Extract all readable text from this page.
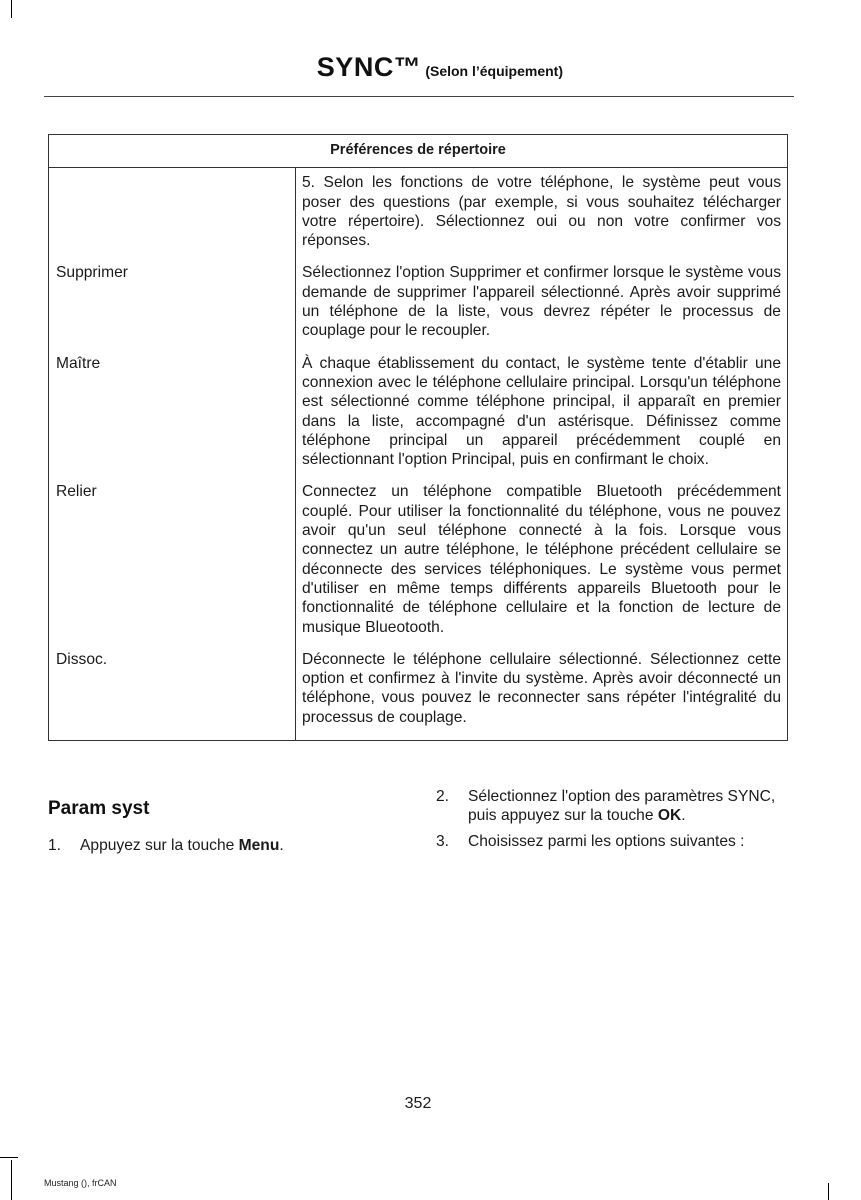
SYNC™ (Selon l’équipement)
Préférences de répertoire	
	5. Selon les fonctions de votre téléphone, le système peut vous poser des questions (par exemple, si vous souhaitez télécharger votre répertoire). Sélectionnez oui ou non votre confirmer vos réponses.
Supprimer	Sélectionnez l'option Supprimer et confirmer lorsque le système vous demande de supprimer l'appareil sélectionné. Après avoir supprimé un téléphone de la liste, vous devrez répéter le processus de couplage pour le recoupler.
Maître	À chaque établissement du contact, le système tente d'établir une connexion avec le téléphone cellulaire principal. Lorsqu'un téléphone est sélectionné comme téléphone principal, il apparaît en premier dans la liste, accompagné d'un astérisque. Définissez comme téléphone principal un appareil précédemment couplé en sélectionnant l'option Principal, puis en confirmant le choix.
Relier	Connectez un téléphone compatible Bluetooth précédemment couplé. Pour utiliser la fonctionnalité du téléphone, vous ne pouvez avoir qu'un seul téléphone connecté à la fois. Lorsque vous connectez un autre téléphone, le téléphone précédent cellulaire se déconnecte des services téléphoniques. Le système vous permet d'utiliser en même temps différents appareils Bluetooth pour le fonctionnalité de téléphone cellulaire et la fonction de lecture de musique Blueotooth.
Dissoc.	Déconnecte le téléphone cellulaire sélectionné. Sélectionnez cette option et confirmez à l'invite du système. Après avoir déconnecté un téléphone, vous pouvez le reconnecter sans répéter l'intégralité du processus de couplage.
Param syst
1. Appuyez sur la touche Menu.
2. Sélectionnez l'option des paramètres SYNC, puis appuyez sur la touche OK.
3. Choisissez parmi les options suivantes :
352
Mustang (), frCAN
